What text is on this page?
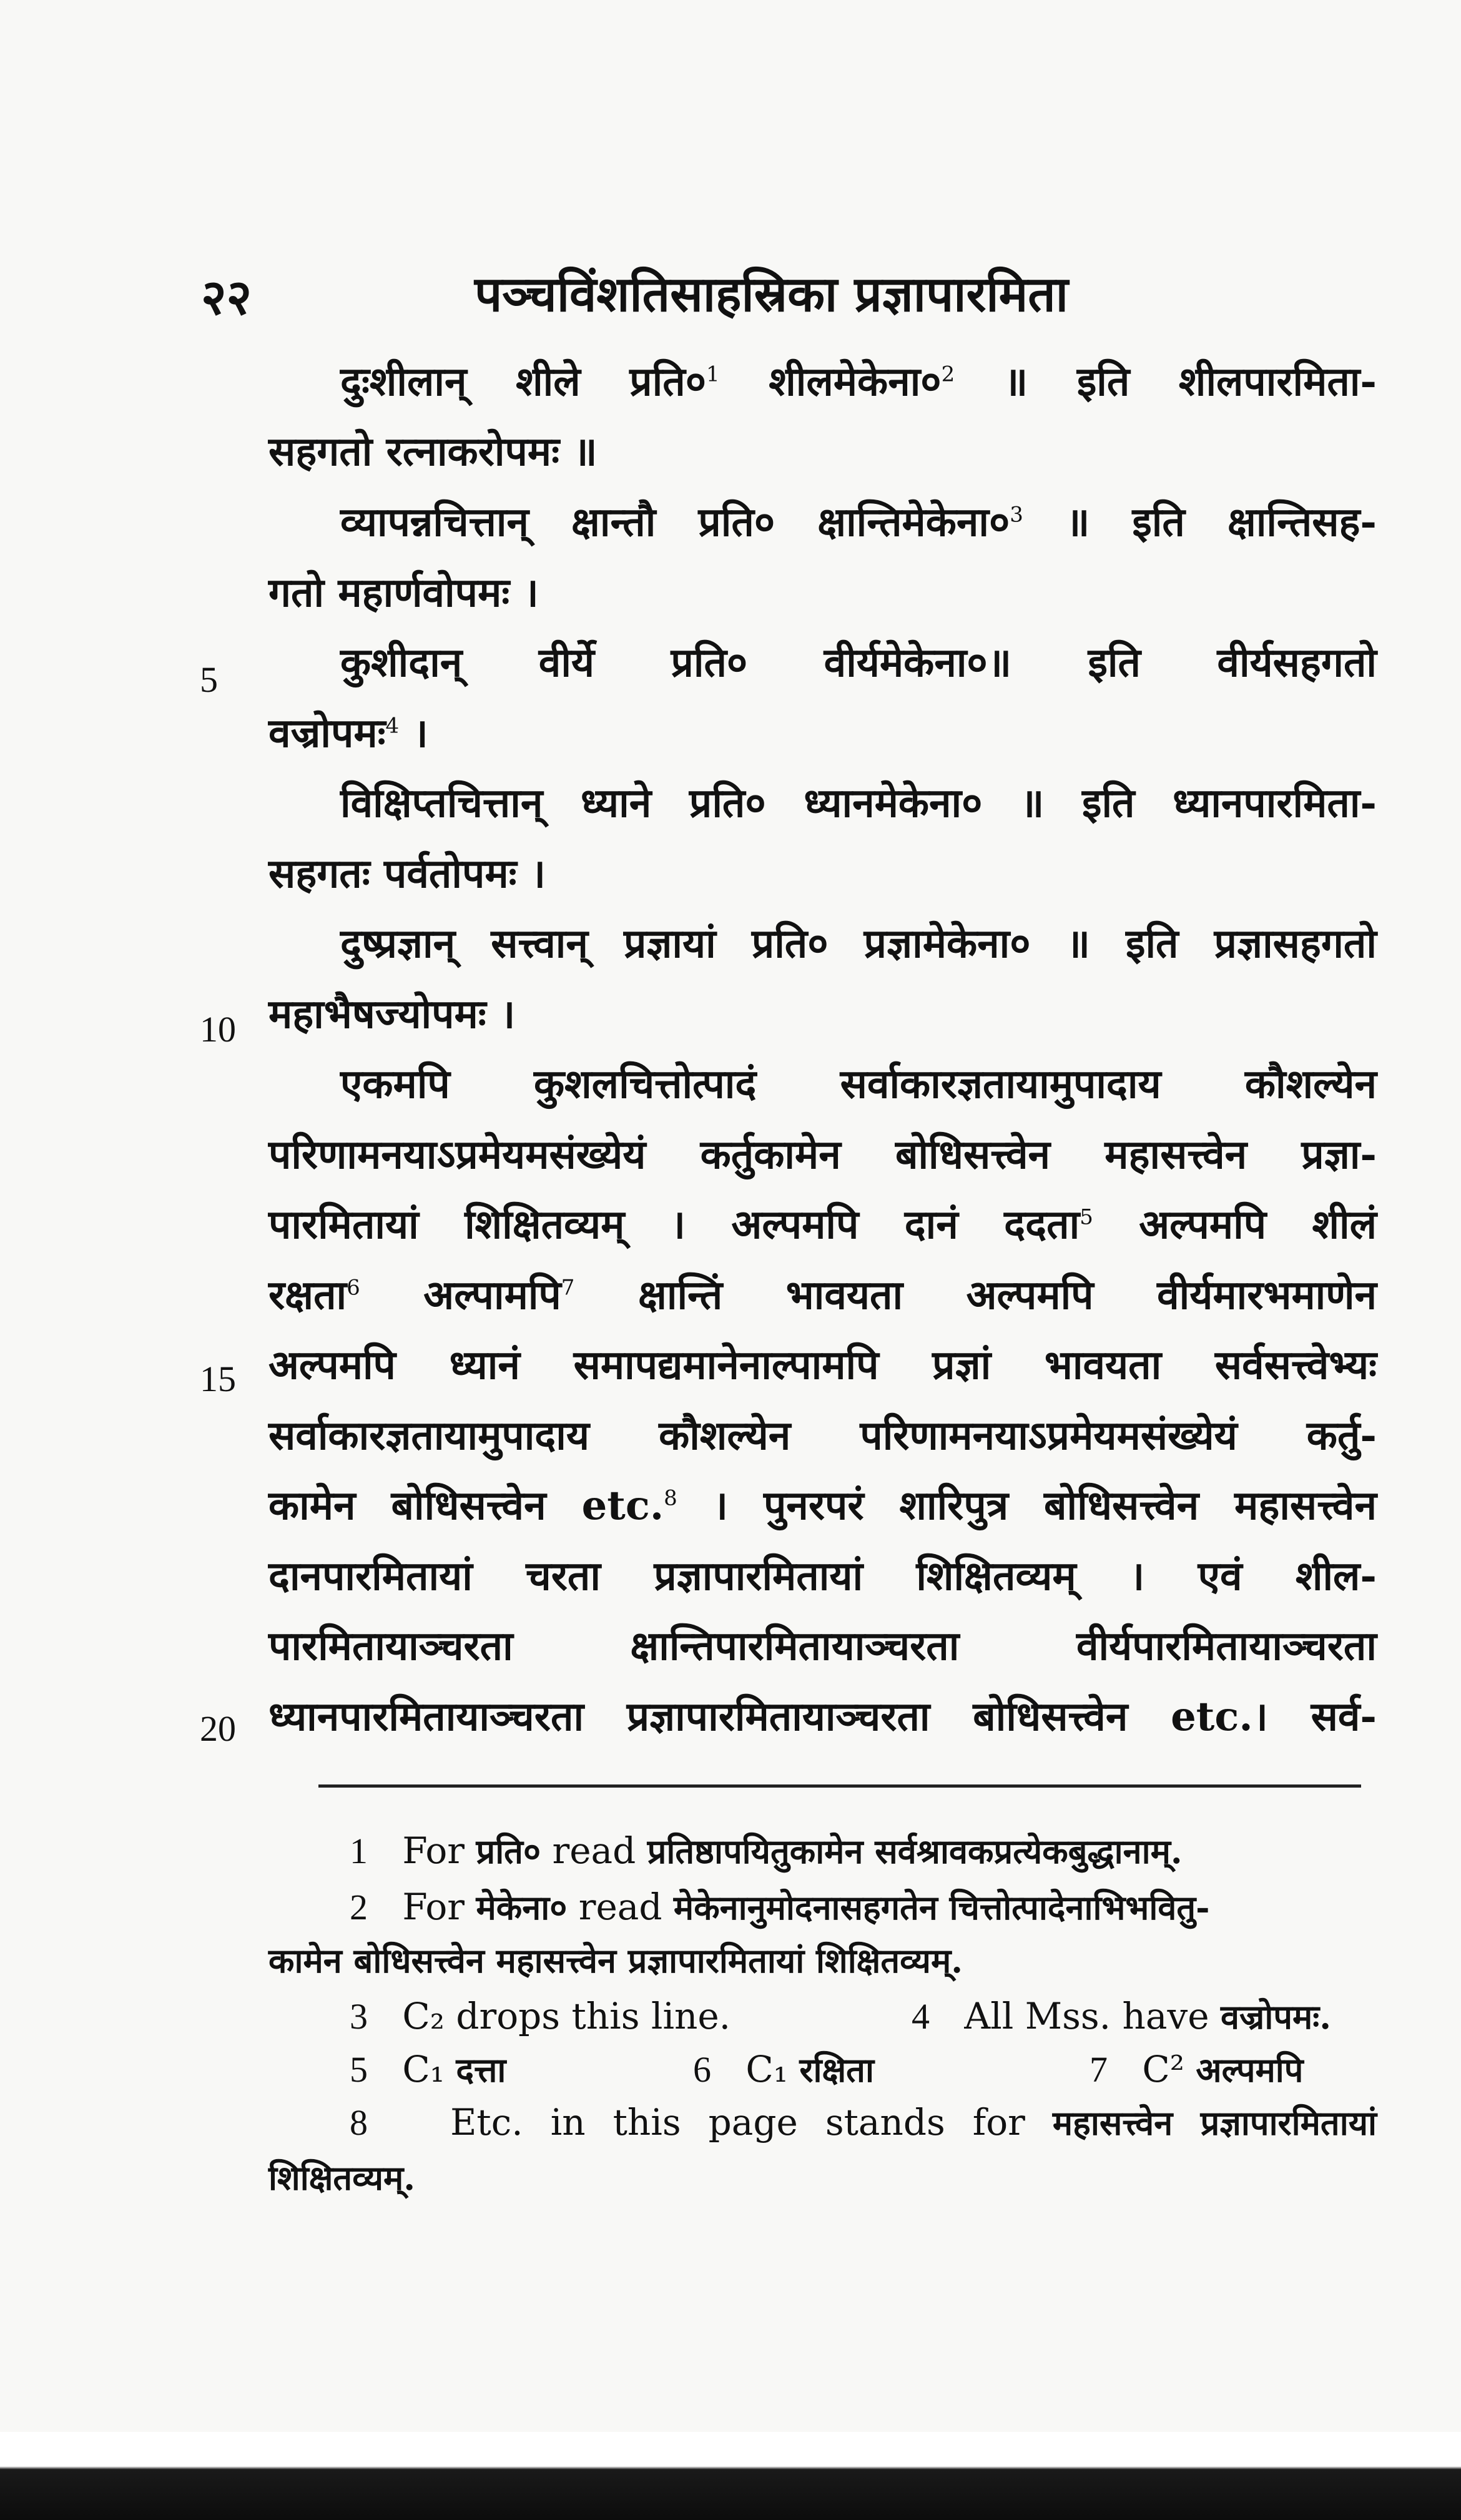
२२	पञ्चविंशतिसाहस्रिका प्रज्ञापारमिता
5
10
15
20

दुःशीलान् शीले $प्रति०^1$ $शीलमेकेना०^2$ ॥ इति शीलपारमिता-

सहगतो रत्नाकरोपमः ॥

व्यापन्नचित्तान् क्षान्तौ प्रति० $क्षान्तिमेकेना०^3$ ॥ इति क्षान्तिसह-

गतो महार्णवोपमः ।

कुशीदान् वीर्ये प्रति० वीर्यमेकेना०॥ इति वीर्यसहगतो

वज्रोपमः$^4$ ।

विक्षिप्तचित्तान् ध्याने प्रति० ध्यानमेकेना० ॥ इति ध्यानपारमिता-

सहगतः पर्वतोपमः ।

दुष्प्रज्ञान् सत्त्वान् प्रज्ञायां प्रति० प्रज्ञामेकेना० ॥ इति प्रज्ञासहगतो

महाभैषज्योपमः ।

एकमपि कुशलचित्तोत्पादं सर्वाकारज्ञतायामुपादाय कौशल्येन

परिणामनयाऽप्रमेयमसंख्येयं कर्तुकामेन बोधिसत्त्वेन महासत्त्वेन प्रज्ञा-

पारमितायां शिक्षितव्यम् । अल्पमपि दानं ददता$^5$ अल्पमपि शीलं

रक्षता$^6$ अल्पामपि$^7$ क्षान्तिं भावयता अल्पमपि वीर्यमारभमाणेन

अल्पमपि ध्यानं समापद्यमानेनाल्पामपि प्रज्ञां भावयता सर्वसत्त्वेभ्यः

सर्वाकारज्ञतायामुपादाय कौशल्येन परिणामनयाऽप्रमेयमसंख्येयं कर्तु-

कामेन बोधिसत्त्वेन etc.$^8$ । पुनरपरं शारिपुत्र बोधिसत्त्वेन महासत्त्वेन

दानपारमितायां चरता प्रज्ञापारमितायां शिक्षितव्यम् । एवं शील-

पारमितायाञ्चरता क्षान्तिपारमितायाञ्चरता वीर्यपारमितायाञ्चरता

ध्यानपारमितायाञ्चरता प्रज्ञापारमितायाञ्चरता बोधिसत्त्वेन etc.। सर्व-

1 For प्रति० read प्रतिष्ठापयितुकामेन सर्वश्रावकप्रत्येकबुद्धानाम्.
2 For मेकेना० read मेकेनानुमोदनासहगतेन चित्तोत्पादेनाभिभवितु-
कामेन बोधिसत्त्वेन महासत्त्वेन प्रज्ञापारमितायां शिक्षितव्यम्.
3 C₂ drops this line.	4 All Mss. have वज्रोपमः.
5 C₁ दत्ता	6 C₁ रक्षिता	7 C² अल्पमपि
8 Etc. in this page stands for महासत्त्वेन प्रज्ञापारमितायां
शिक्षितव्यम्.
